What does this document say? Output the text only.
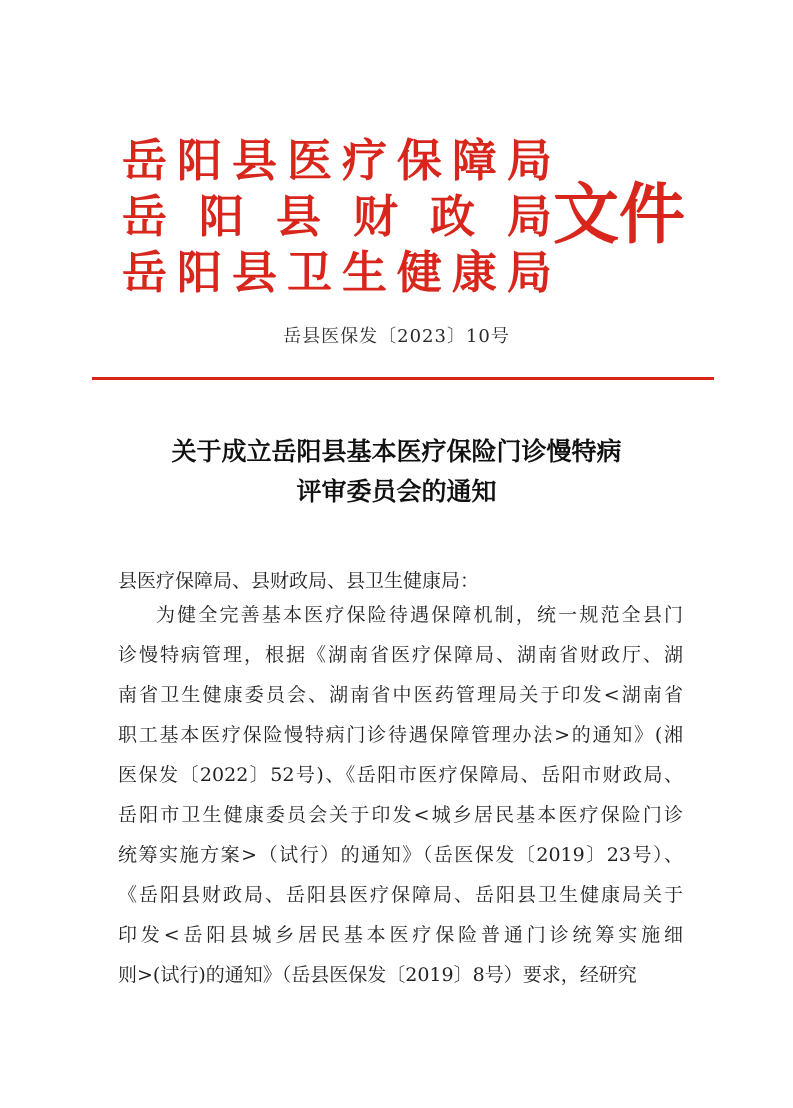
岳 阳 县 医 疗 保 障 局
岳 阳 县 财 政 局
岳 阳 县 卫 生 健 康 局
文件
岳县医保发〔2023〕10号
关于成立岳阳县基本医疗保险门诊慢特病
评审委员会的通知
县医疗保障局、县财政局、县卫生健康局：
为健全完善基本医疗保险待遇保障机制，统一规范全县门
诊慢特病管理，根据《湖南省医疗保障局、湖南省财政厅、湖
南省卫生健康委员会、湖南省中医药管理局关于印发<湖南省
职工基本医疗保险慢特病门诊待遇保障管理办法>的通知》(湘
医保发〔2022〕52号)、《岳阳市医疗保障局、岳阳市财政局、
岳阳市卫生健康委员会关于印发<城乡居民基本医疗保险门诊
统筹实施方案>（试行）的通知》（岳医保发〔2019〕23号）、
《岳阳县财政局、岳阳县医疗保障局、岳阳县卫生健康局关于
印发<岳阳县城乡居民基本医疗保险普通门诊统筹实施细
则>(试行)的通知》（岳县医保发〔2019〕8号）要求，经研究
